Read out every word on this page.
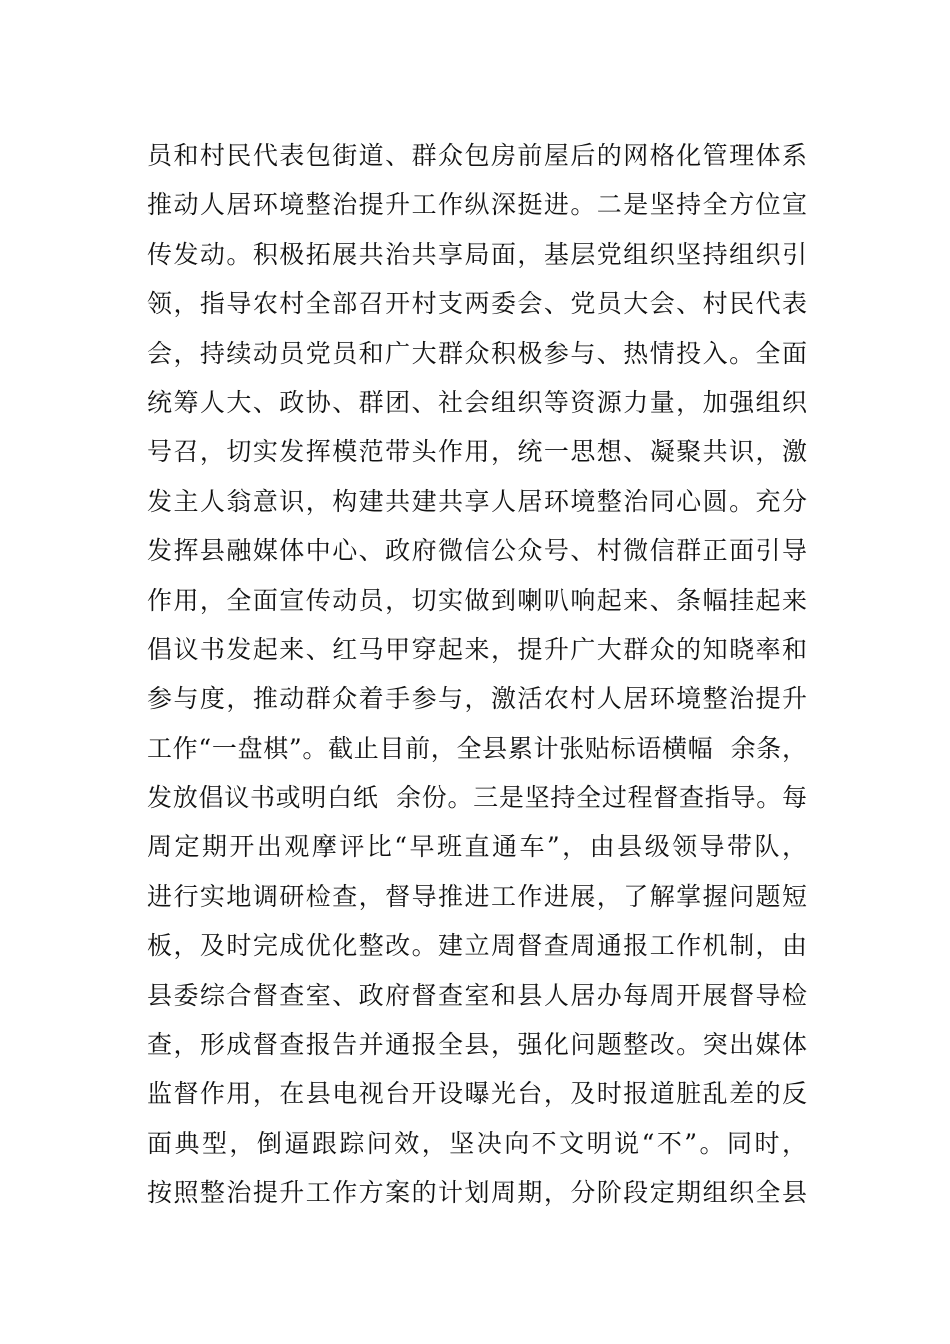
员和村民代表包街道、群众包房前屋后的网格化管理体系
推动人居环境整治提升工作纵深挺进。二是坚持全方位宣
传发动。积极拓展共治共享局面，基层党组织坚持组织引
领，指导农村全部召开村支两委会、党员大会、村民代表
会，持续动员党员和广大群众积极参与、热情投入。全面
统筹人大、政协、群团、社会组织等资源力量，加强组织
号召，切实发挥模范带头作用，统一思想、凝聚共识，激
发主人翁意识，构建共建共享人居环境整治同心圆。充分
发挥县融媒体中心、政府微信公众号、村微信群正面引导
作用，全面宣传动员，切实做到喇叭响起来、条幅挂起来
倡议书发起来、红马甲穿起来，提升广大群众的知晓率和
参与度，推动群众着手参与，激活农村人居环境整治提升
工作“一盘棋”。截止目前，全县累计张贴标语横幅  余条，
发放倡议书或明白纸  余份。三是坚持全过程督查指导。每
周定期开出观摩评比“早班直通车”，由县级领导带队，
进行实地调研检查，督导推进工作进展，了解掌握问题短
板，及时完成优化整改。建立周督查周通报工作机制，由
县委综合督查室、政府督查室和县人居办每周开展督导检
查，形成督查报告并通报全县，强化问题整改。突出媒体
监督作用，在县电视台开设曝光台，及时报道脏乱差的反
面典型，倒逼跟踪问效，坚决向不文明说“不”。同时，
按照整治提升工作方案的计划周期，分阶段定期组织全县
